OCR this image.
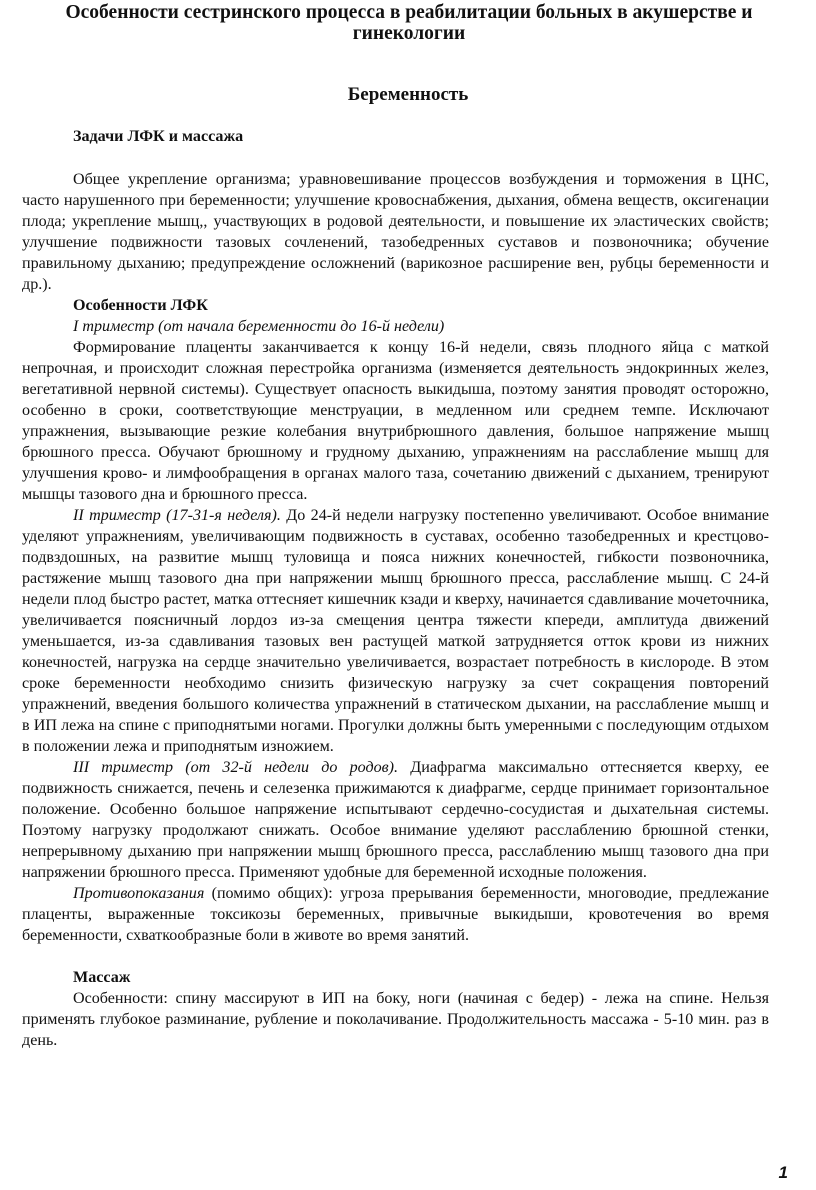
Особенности сестринского процесса в реабилитации больных в акушерстве и гинекологии
Беременность

Задачи ЛФК и массажа

Общее укрепление организма; уравновешивание процессов возбуждения и торможения в ЦНС, часто нарушенного при беременности; улучшение кровоснабжения, дыхания, обмена веществ, оксигенации плода; укрепление мышц,, участвующих в родовой деятельности, и повышение их эластических свойств; улучшение подвижности тазовых сочленений, тазобедренных суставов и позвоночника; обучение правильному дыханию; предупреждение осложнений (варикозное расширение вен, рубцы беременности и др.).

Особенности ЛФК

I триместр (от начала беременности до 16-й недели)

Формирование плаценты заканчивается к концу 16-й недели, связь плодного яйца с маткой непрочная, и происходит сложная перестройка организма (изменяется деятельность эндокринных желез, вегетативной нервной системы). Существует опасность выкидыша, поэтому занятия проводят осторожно, особенно в сроки, соответствующие менструации, в медленном или среднем темпе. Исключают упражнения, вызывающие резкие колебания внутрибрюшного давления, большое напряжение мышц брюшного пресса. Обучают брюшному и грудному дыханию, упражнениям на расслабление мышц для улучшения крово- и лимфообращения в органах малого таза, сочетанию движений с дыханием, тренируют мышцы тазового дна и брюшного пресса.

II триместр (17-31-я неделя). До 24-й недели нагрузку постепенно увеличивают. Особое внимание уделяют упражнениям, увеличивающим подвижность в суставах, особенно тазобедренных и крестцово-подвздошных, на развитие мышц туловища и пояса нижних конечностей, гибкости позвоночника, растяжение мышц тазового дна при напряжении мышц брюшного пресса, расслабление мышц. С 24-й недели плод быстро растет, матка оттесняет кишечник кзади и кверху, начинается сдавливание мочеточника, увеличивается поясничный лордоз из-за смещения центра тяжести кпереди, амплитуда движений уменьшается, из-за сдавливания тазовых вен растущей маткой затрудняется отток крови из нижних конечностей, нагрузка на сердце значительно увеличивается, возрастает потребность в кислороде. В этом сроке беременности необходимо снизить физическую нагрузку за счет сокращения повторений упражнений, введения большого количества упражнений в статическом дыхании, на расслабление мышц и в ИП лежа на спине с приподнятыми ногами. Прогулки должны быть умеренными с последующим отдыхом в положении лежа и приподнятым изножием.

III триместр (от 32-й недели до родов). Диафрагма максимально оттесняется кверху, ее подвижность снижается, печень и селезенка прижимаются к диафрагме, сердце принимает горизонтальное положение. Особенно большое напряжение испытывают сердечно-сосудистая и дыхательная системы. Поэтому нагрузку продолжают снижать. Особое внимание уделяют расслаблению брюшной стенки, непрерывному дыханию при напряжении мышц брюшного пресса, расслаблению мышц тазового дна при напряжении брюшного пресса. Применяют удобные для беременной исходные положения.

Противопоказания (помимо общих): угроза прерывания беременности, многоводие, предлежание плаценты, выраженные токсикозы беременных, привычные выкидыши, кровотечения во время беременности, схваткообразные боли в животе во время занятий.

Массаж

Особенности: спину массируют в ИП на боку, ноги (начиная с бедер) - лежа на спине. Нельзя применять глубокое разминание, рубление и поколачивание. Продолжительность массажа - 5-10 мин. раз в день.

1
